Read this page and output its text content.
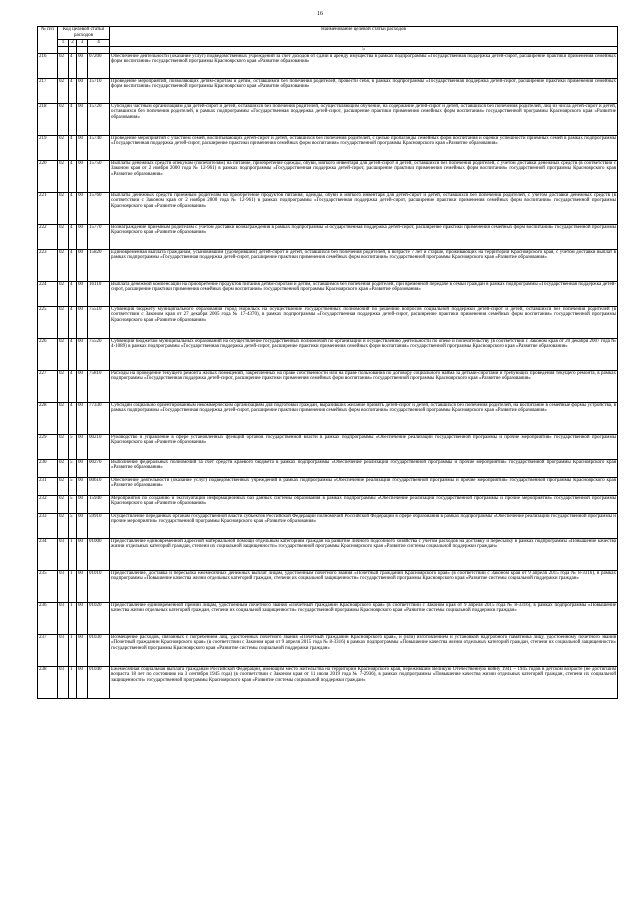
16
№ п/п	Код целевой статьи расходов				Наименование целевой статьи расходов
	1	2	3	4	
					5
216	02	4	00	07200	Обеспечение деятельности (оказание услуг) подведомственных учреждений за счет доходов от сдачи в аренду имущества в рамках подпрограммы «Государственная поддержка детей-сирот, расширение практики применения семейных форм воспитания» государственной программы Красноярского края «Развитие образования»
217	02	4	00	15710	Проведение мероприятий, позволяющих детям-сиротам и детям, оставшимся без попечения родителей, провести себя, в рамках подпрограммы «Государственная поддержка детей-сирот, расширение практики применения семейных форм воспитания» государственной программы Красноярского края «Развитие образования»
218	02	4	00	15720	Субсидии частным организациям для детей-сирот и детей, оставшихся без попечения родителей, осуществляющим обучение, на содержание детей-сирот и детей, оставшихся без попечения родителей, лиц из числа детей-сирот и детей, оставшихся без попечения родителей, в рамках подпрограммы «Государственная поддержка детей-сирот, расширение практики применения семейных форм воспитания» государственной программы Красноярского края «Развитие образования»
219	02	4	00	15740	Проведение мероприятий с участием семей, воспитывающих детей-сирот и детей, оставшихся без попечения родителей, с целью пропаганды семейных форм воспитания и оценки успешности приемных семей в рамках подпрограммы «Государственная поддержка детей-сирот, расширение практики применения семейных форм воспитания» государственной программы Красноярского края «Развитие образования»
220	02	4	00	15750	Выплаты денежных средств опекунам (попечителям) на питание, приобретение одежды, обуви, мягкого инвентаря для детей-сирот и детей, оставшихся без попечения родителей, с учетом доставки денежных средств (в соответствии с Законом края от 2 ноября 2000 года № 12-961) в рамках подпрограммы «Государственная поддержка детей-сирот, расширение практики применения семейных форм воспитания» государственной программы Красноярского края «Развитие образования»
221	02	4	00	15760	Выплаты денежных средств приемным родителям на приобретение продуктов питания, одежды, обуви и мягкого инвентаря для детей-сирот и детей, оставшихся без попечения родителей, с учетом доставки денежных средств (в соответствии с Законом края от 2 ноября 2000 года № 12-961) в рамках подпрограммы «Государственная поддержка детей-сирот, расширение практики применения семейных форм воспитания» государственной программы Красноярского края «Развитие образования»
222	02	4	00	15770	Вознаграждение приемным родителям с учетом доставки вознаграждения в рамках подпрограммы «Государственная поддержка детей-сирот, расширение практики применения семейных форм воспитания» государственной программы Красноярского края «Развитие образования»
223	02	4	00	15820	Единовременная выплата гражданам, усыновившим (удочерившим) детей-сирот и детей, оставшихся без попечения родителей, в возрасте 7 лет и старше, проживающих на территории Красноярского края, с учетом доставки выплат в рамках подпрограммы «Государственная поддержка детей-сирот, расширение практики применения семейных форм воспитания» государственной программы Красноярского края «Развитие образования»
224	02	4	00	16110	Выплата денежной компенсации на приобретение продуктов питания детям-сиротам и детям, оставшимся без попечения родителей, при временной передаче в семьи граждан в рамках подпрограммы «Государственная поддержка детей-сирот, расширение практики применения семейных форм воспитания» государственной программы Красноярского края «Развитие образования»
225	02	4	00	75510	Субвенция бюджету муниципального образования город Норильск на осуществление государственных полномочий по решению вопросов социальной поддержки детей-сирот и детей, оставшихся без попечения родителей (в соответствии с Законом края от 27 декабря 2005 года № 17-4370), в рамках подпрограммы «Государственная поддержка детей-сирот, расширение практики применения семейных форм воспитания» государственной программы Красноярского края «Развитие образования»
226	02	4	00	75520	Субвенции бюджетам муниципальных образований на осуществление государственных полномочий по организации и осуществлению деятельности по опеке и попечительству (в соответствии с Законом края от 20 декабря 2007 года № 4-1089) в рамках подпрограммы «Государственная поддержка детей-сирот, расширение практики применения семейных форм воспитания» государственной программы Красноярского края «Развитие образования»
227	02	4	00	75810	Расходы на проведение текущего ремонта жилых помещений, закрепленных на праве собственности или на праве пользования по договору социального найма за детьми-сиротами и требующих проведения текущего ремонта, в рамках подпрограммы «Государственная поддержка детей-сирот, расширение практики применения семейных форм воспитания» государственной программы Красноярского края «Развитие образования»
228	02	4	00	77330	Субсидии социально ориентированным некоммерческим организациям для подготовки граждан, выразивших желание принять детей-сирот и детей, оставшихся без попечения родителей, на воспитание в семейные формы устройства, в рамках подпрограммы «Государственная поддержка детей-сирот, расширение практики применения семейных форм воспитания» государственной программы Красноярского края «Развитие образования»
229	02	5	00	00210	Руководство и управление в сфере установленных функций органов государственной власти в рамках подпрограммы «Обеспечение реализации государственной программы и прочие мероприятия» государственной программы Красноярского края «Развитие образования»
230	02	5	00	00270	Выполнение федеральных полномочий за счет средств краевого бюджета в рамках подпрограммы «Обеспечение реализации государственной программы и прочие мероприятия» государственной программы Красноярского края «Развитие образования»
231	02	5	00	00610	Обеспечение деятельности (оказание услуг) подведомственных учреждений в рамках подпрограммы «Обеспечение реализации государственной программы и прочие мероприятия» государственной программы Красноярского края «Развитие образования»
232	02	5	00	15940	Мероприятия по созданию и эксплуатации информационных баз данных системы образования в рамках подпрограммы «Обеспечение реализации государственной программы и прочие мероприятия» государственной программы Красноярского края «Развитие образования»
233	02	5	00	59910	Осуществление переданных органам государственной власти субъектов Российской Федерации полномочий Российской Федерации в сфере образования в рамках подпрограммы «Обеспечение реализации государственной программы и прочие мероприятия» государственной программы Красноярского края «Развитие образования»
234	03	1	00	01000	Предоставление единовременной адресной материальной помощи отдельным категориям граждан на развитие личного подсобного хозяйства с учетом расходов на доставку и пересылку в рамках подпрограммы «Повышение качества жизни отдельных категорий граждан, степени их социальной защищенности» государственной программы Красноярского края «Развитие системы социальной поддержки граждан»
235	03	1	00	01010	Предоставление, доставка и пересылка ежемесячных денежных выплат лицам, удостоенным почетного звания «Почетный гражданин Красноярского края» (в соответствии с Законом края от 9 апреля 2015 года № 8-3316), в рамках подпрограммы «Повышение качества жизни отдельных категорий граждан, степени их социальной защищенности» государственной программы Красноярского края «Развитие системы социальной поддержки граждан»
236	03	1	00	01020	Предоставление единовременной премии лицам, удостоенным почетного звания «Почетный гражданин Красноярского края» (в соответствии с Законом края от 9 апреля 2015 года № 8-3316), в рамках подпрограммы «Повышение качества жизни отдельных категорий граждан, степени их социальной защищенности» государственной программы Красноярского края «Развитие системы социальной поддержки граждан»
237	03	1	00	01030	Возмещение расходов, связанных с погребением лиц, удостоенных почетного звания «Почетный гражданин Красноярского края», и (или) изготовлением и установкой надгробного памятника лицу, удостоенному почетного звания «Почетный гражданин Красноярского края» (в соответствии с Законом края от 9 апреля 2015 года № 8-3316) в рамках подпрограммы «Повышение качества жизни отдельных категорий граждан, степени их социальной защищенности» государственной программы Красноярского края «Развитие системы социальной поддержки граждан»
238	03	1	00	01040	Ежемесячная социальная выплата гражданам Российской Федерации, имеющим место жительства на территории Красноярского края, пережившим Великую Отечественную войну 1941 – 1945 годов в детском возрасте (не достигшим возраста 18 лет по состоянию на 3 сентября 1945 года) (в соответствии с Законом края от 11 июля 2019 года № 7-2936), в рамках подпрограммы «Повышение качества жизни отдельных категорий граждан, степени их социальной защищенности» государственной программы Красноярского края «Развитие системы социальной поддержки граждан»
